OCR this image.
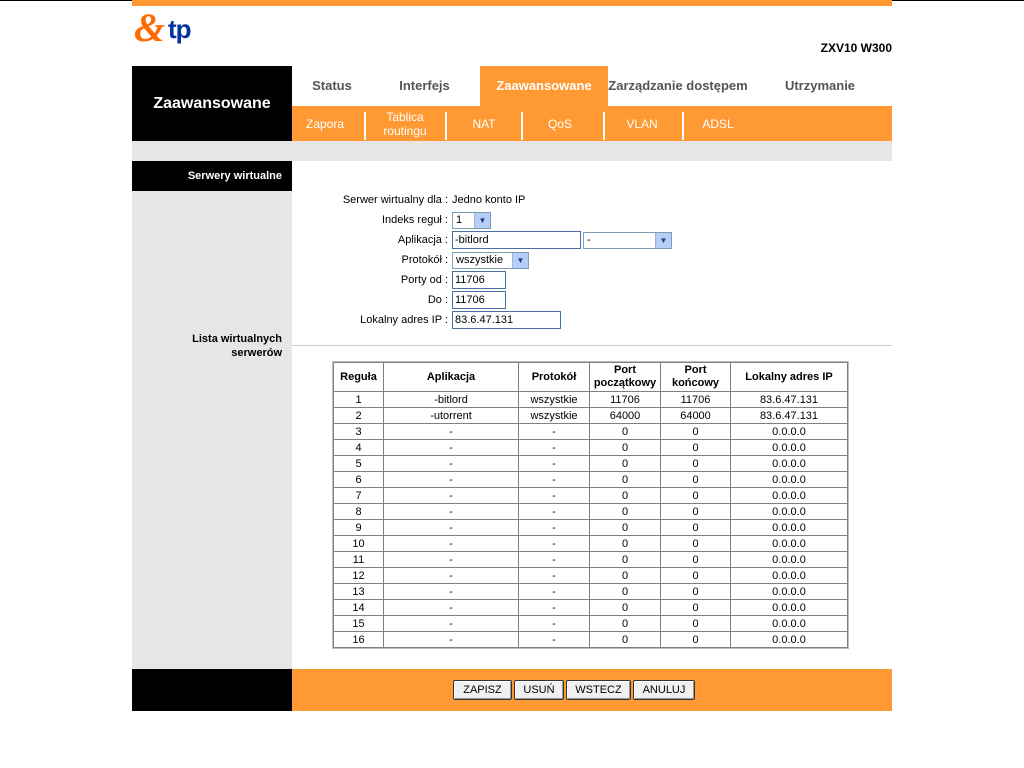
& tp
ZXV10 W300
Zaawansowane
Status	Interfejs	Zaawansowane	Zarządzanie dostępem	Utrzymanie
Zapora	Tablica routingu	NAT	QoS	VLAN	ADSL
Serwery wirtualne
Lista wirtualnych serwerów
Serwer wirtualny dla : Jedno konto IP
Indeks reguł : 1	▼
Aplikacja : -bitlord	-	▼
Protokół : wszystkie	▼
Porty od : 11706
Do : 11706
Lokalny adres IP : 83.6.47.131
Reguła	Aplikacja	Protokół	Port początkowy	Port końcowy	Lokalny adres IP
1	-bitlord	wszystkie	11706	11706	83.6.47.131
2	-utorrent	wszystkie	64000	64000	83.6.47.131
3	-	-	0	0	0.0.0.0
4	-	-	0	0	0.0.0.0
5	-	-	0	0	0.0.0.0
6	-	-	0	0	0.0.0.0
7	-	-	0	0	0.0.0.0
8	-	-	0	0	0.0.0.0
9	-	-	0	0	0.0.0.0
10	-	-	0	0	0.0.0.0
11	-	-	0	0	0.0.0.0
12	-	-	0	0	0.0.0.0
13	-	-	0	0	0.0.0.0
14	-	-	0	0	0.0.0.0
15	-	-	0	0	0.0.0.0
16	-	-	0	0	0.0.0.0
ZAPISZ	USUŃ	WSTECZ	ANULUJ
